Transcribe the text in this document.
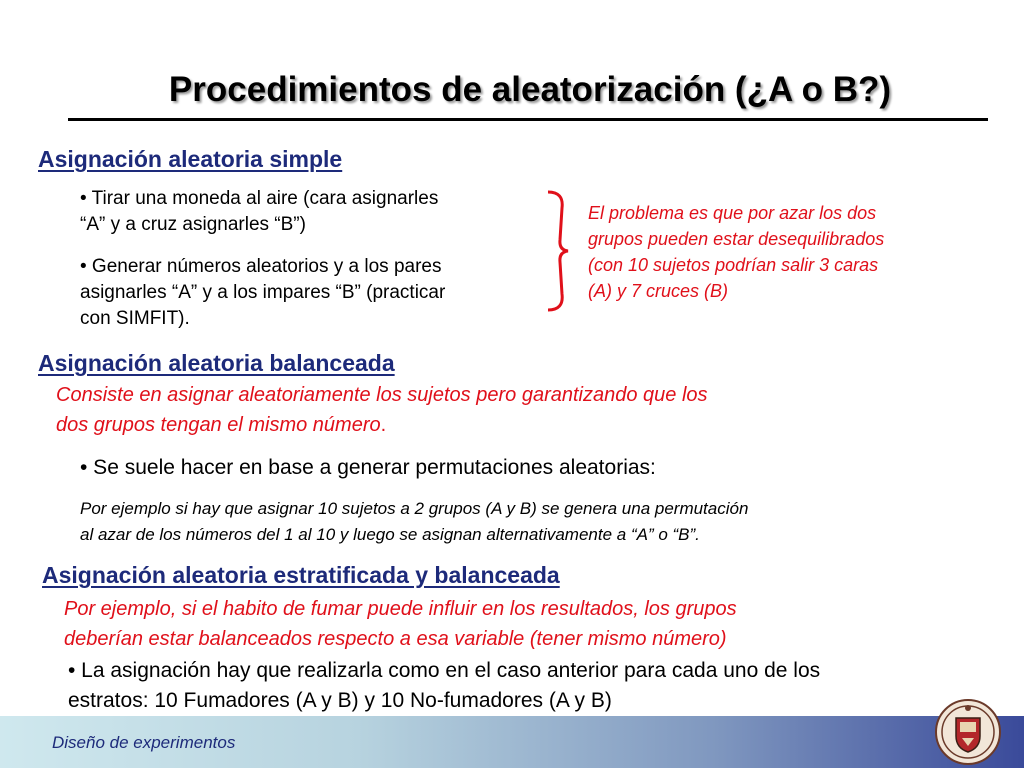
Procedimientos de aleatorización (¿A o B?)
Asignación aleatoria simple
• Tirar una moneda al aire (cara asignarles
“A” y a cruz asignarles “B”)
• Generar números aleatorios y a los pares
asignarles “A” y a los impares “B” (practicar
con SIMFIT).
El problema es que por azar los dos
grupos pueden estar desequilibrados
(con 10 sujetos podrían salir 3 caras
(A) y 7 cruces (B)
Asignación aleatoria balanceada
Consiste en asignar aleatoriamente los sujetos pero garantizando que los
dos grupos tengan el mismo número.
• Se suele hacer en base a generar permutaciones aleatorias:
Por ejemplo si hay que asignar 10 sujetos a 2 grupos (A y B) se genera una permutación
al azar de los números del 1 al 10 y luego se asignan alternativamente a “A” o “B”.
Asignación aleatoria estratificada y balanceada
Por ejemplo, si el habito de fumar puede influir en los resultados, los grupos
deberían estar balanceados respecto a esa variable (tener mismo número)
• La asignación hay que realizarla como en el caso anterior para cada uno de los
estratos: 10 Fumadores (A y B) y 10 No-fumadores (A y B)
Diseño de experimentos
